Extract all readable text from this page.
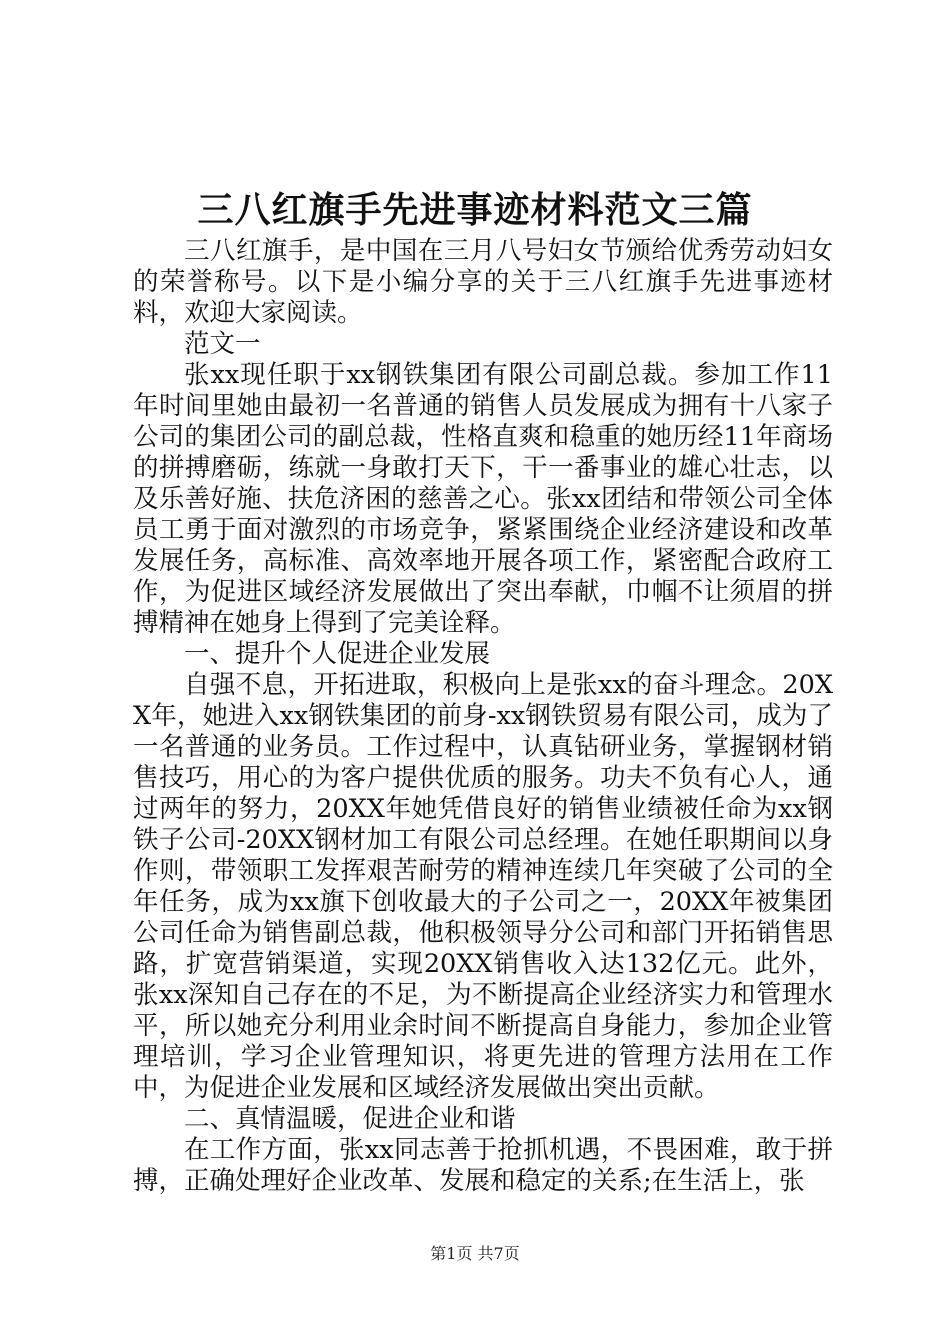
三八红旗手先进事迹材料范文三篇

三八红旗手，是中国在三月八号妇女节颁给优秀劳动妇女的荣誉称号。以下是小编分享的关于三八红旗手先进事迹材料，欢迎大家阅读。

范文一

张xx现任职于xx钢铁集团有限公司副总裁。参加工作11年时间里她由最初一名普通的销售人员发展成为拥有十八家子公司的集团公司的副总裁，性格直爽和稳重的她历经11年商场的拼搏磨砺，练就一身敢打天下，干一番事业的雄心壮志，以及乐善好施、扶危济困的慈善之心。张xx团结和带领公司全体员工勇于面对激烈的市场竞争，紧紧围绕企业经济建设和改革发展任务，高标准、高效率地开展各项工作，紧密配合政府工作，为促进区域经济发展做出了突出奉献，巾帼不让须眉的拼搏精神在她身上得到了完美诠释。

一、提升个人促进企业发展

自强不息，开拓进取，积极向上是张xx的奋斗理念。20XX年，她进入xx钢铁集团的前身-xx钢铁贸易有限公司，成为了一名普通的业务员。工作过程中，认真钻研业务，掌握钢材销售技巧，用心的为客户提供优质的服务。功夫不负有心人，通过两年的努力，20XX年她凭借良好的销售业绩被任命为xx钢铁子公司-20XX钢材加工有限公司总经理。在她任职期间以身作则，带领职工发挥艰苦耐劳的精神连续几年突破了公司的全年任务，成为xx旗下创收最大的子公司之一，20XX年被集团公司任命为销售副总裁，他积极领导分公司和部门开拓销售思路，扩宽营销渠道，实现20XX销售收入达132亿元。此外，张xx深知自己存在的不足，为不断提高企业经济实力和管理水平，所以她充分利用业余时间不断提高自身能力，参加企业管理培训，学习企业管理知识，将更先进的管理方法用在工作中，为促进企业发展和区域经济发展做出突出贡献。

二、真情温暖，促进企业和谐

在工作方面，张xx同志善于抢抓机遇，不畏困难，敢于拼搏，正确处理好企业改革、发展和稳定的关系;在生活上，张

第1页 共7页
